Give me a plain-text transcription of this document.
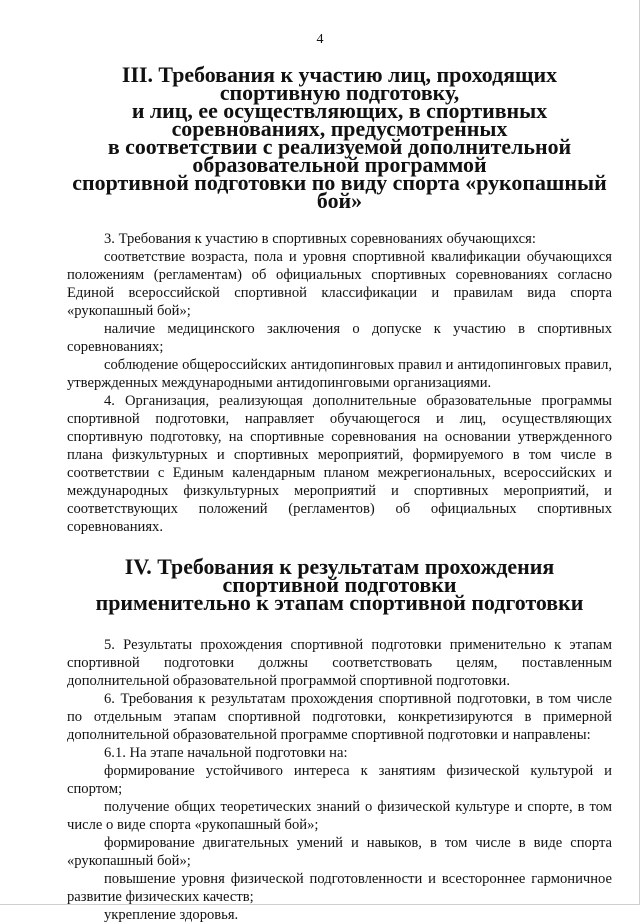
4
III. Требования к участию лиц, проходящих спортивную подготовку,
и лиц, ее осуществляющих, в спортивных соревнованиях, предусмотренных
в соответствии с реализуемой дополнительной образовательной программой
спортивной подготовки по виду спорта «рукопашный бой»

3. Требования к участию в спортивных соревнованиях обучающихся:

соответствие возраста, пола и уровня спортивной квалификации обучающихся положениям (регламентам) об официальных спортивных соревнованиях согласно Единой всероссийской спортивной классификации и правилам вида спорта «рукопашный бой»;

наличие медицинского заключения о допуске к участию в спортивных соревнованиях;

соблюдение общероссийских антидопинговых правил и антидопинговых правил, утвержденных международными антидопинговыми организациями.

4. Организация, реализующая дополнительные образовательные программы спортивной подготовки, направляет обучающегося и лиц, осуществляющих спортивную подготовку, на спортивные соревнования на основании утвержденного плана физкультурных и спортивных мероприятий, формируемого в том числе в соответствии с Единым календарным планом межрегиональных, всероссийских и международных физкультурных мероприятий и спортивных мероприятий, и соответствующих положений (регламентов) об официальных спортивных соревнованиях.

IV. Требования к результатам прохождения спортивной подготовки
применительно к этапам спортивной подготовки

5. Результаты прохождения спортивной подготовки применительно к этапам спортивной подготовки должны соответствовать целям, поставленным дополнительной образовательной программой спортивной подготовки.

6. Требования к результатам прохождения спортивной подготовки, в том числе по отдельным этапам спортивной подготовки, конкретизируются в примерной дополнительной образовательной программе спортивной подготовки и направлены:

6.1. На этапе начальной подготовки на:

формирование устойчивого интереса к занятиям физической культурой и спортом;

получение общих теоретических знаний о физической культуре и спорте, в том числе о виде спорта «рукопашный бой»;

формирование двигательных умений и навыков, в том числе в виде спорта «рукопашный бой»;

повышение уровня физической подготовленности и всестороннее гармоничное развитие физических качеств;

укрепление здоровья.
